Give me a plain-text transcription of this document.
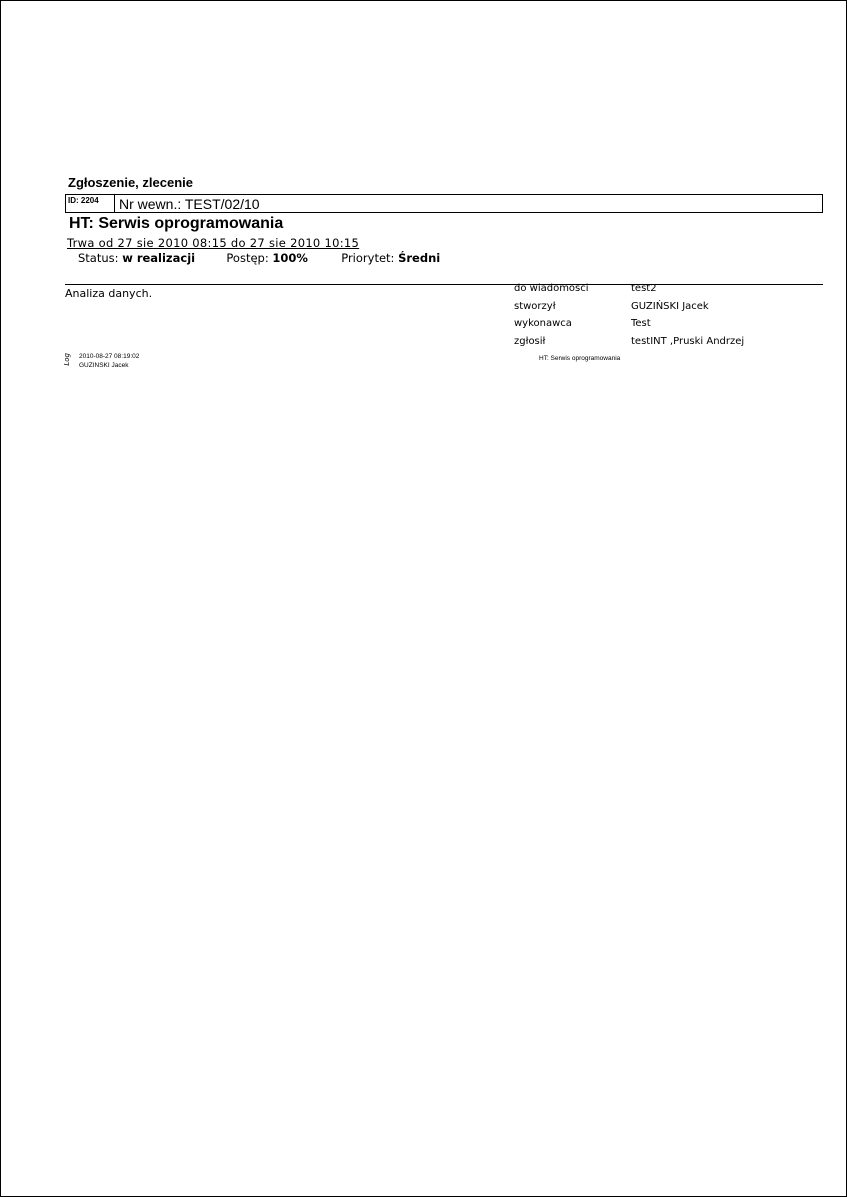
Zgłoszenie, zlecenie
ID: 2204	Nr wewn.: TEST/02/10
HT: Serwis oprogramowania
Trwa od 27 sie 2010 08:15 do 27 sie 2010 10:15
Status: w realizacji	Postęp: 100%	Priorytet: Średni
Analiza danych.	do wiadomosci	test2
stworzył	GUZIŃSKI Jacek
wykonawca	Test
zgłosił	testINT ,Pruski Andrzej
Log 2010-08-27 08:19:02
GUZINSKI Jacek
HT: Serwis oprogramowania
